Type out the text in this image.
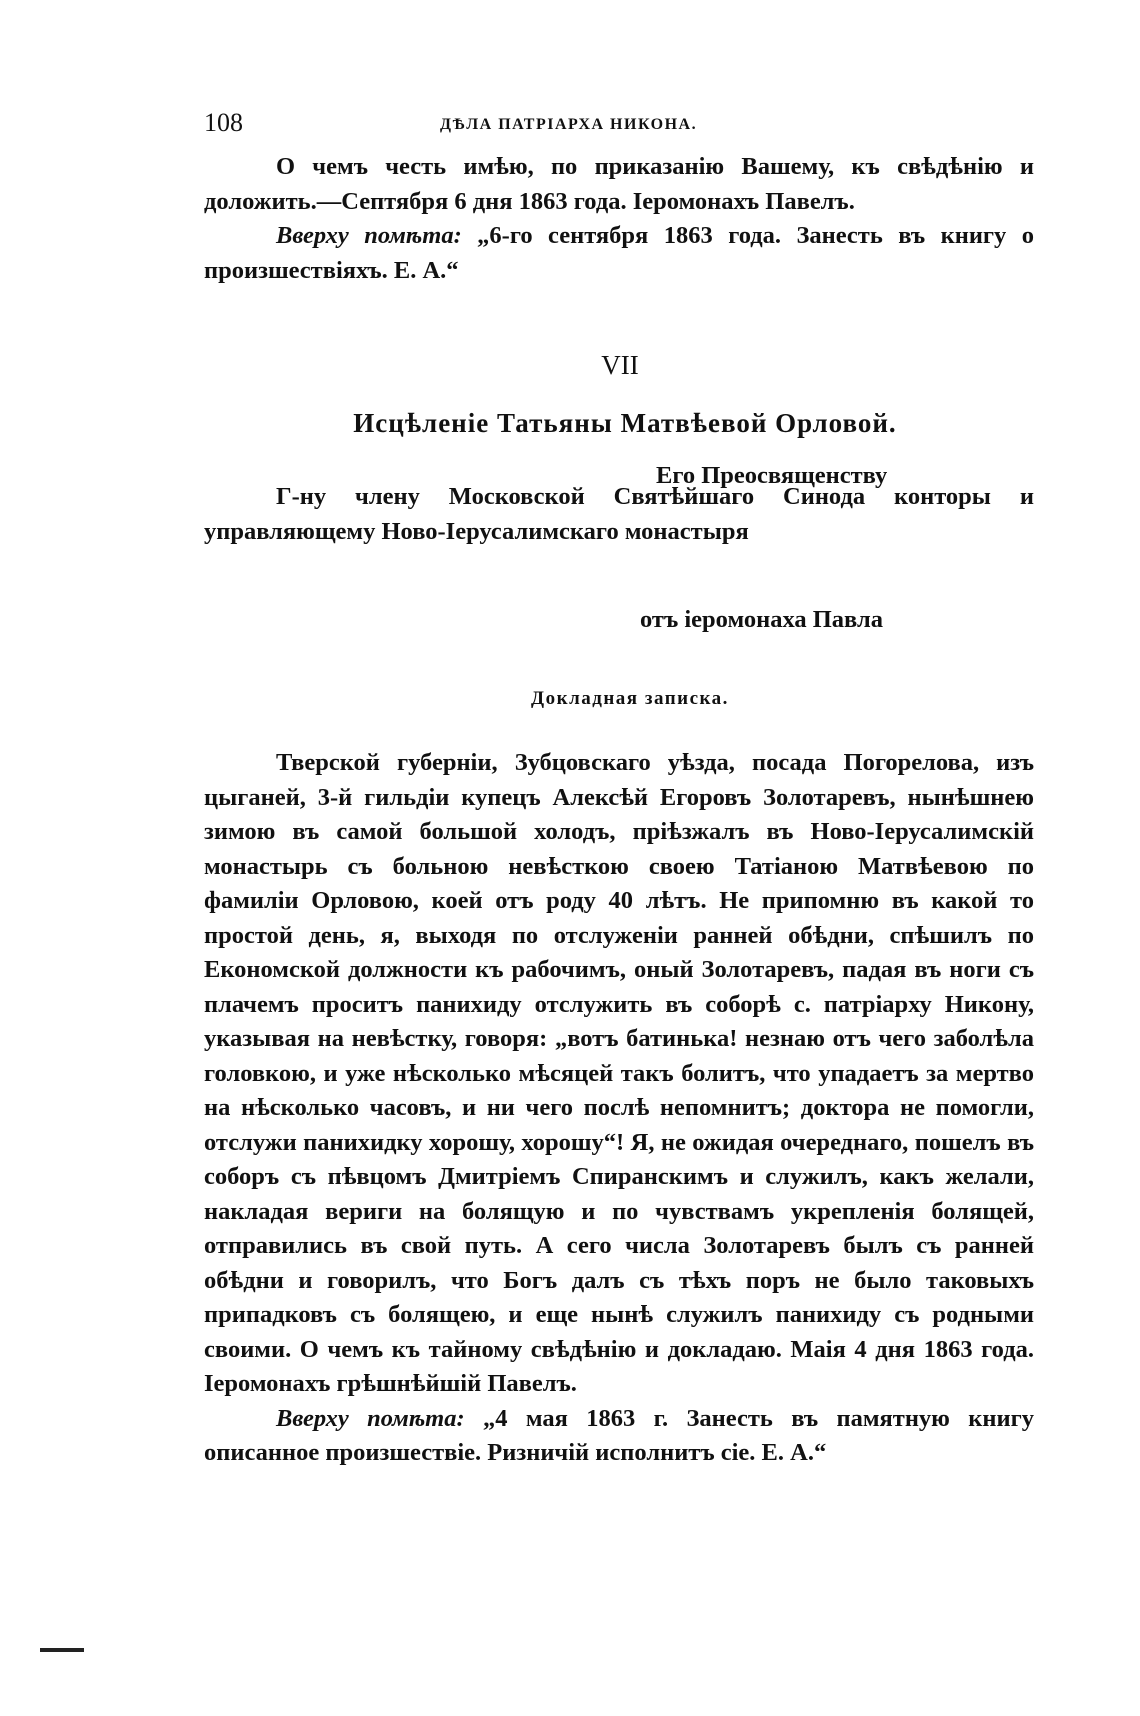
108	ДѢЛА ПАТРІАРХА НИКОНА.

О чемъ честь имѣю, по приказанію Вашему, къ свѣдѣнію и доложить.—Септября 6 дня 1863 года. Іеромонахъ Павелъ.

Вверху помѣта: „6-го сентября 1863 года. Занесть въ книгу о произшествіяхъ. Е. А.“

VII
Исцѣленіе Татьяны Матвѣевой Орловой.
Его Преосвященству

Г-ну члену Московской Святѣйшаго Синода конторы и управляющему Ново-Іерусалимскаго монастыря

отъ іеромонаха Павла
Докладная записка.

Тверской губерніи, Зубцовскаго уѣзда, посада Погорелова, изъ цыганей, 3-й гильдіи купецъ Алексѣй Егоровъ Золотаревъ, нынѣшнею зимою въ самой большой холодъ, пріѣзжалъ въ Ново-Іерусалимскій монастырь съ больною невѣсткою своею Татіаною Матвѣевою по фамиліи Орловою, коей отъ роду 40 лѣтъ. Не припомню въ какой то простой день, я, выходя по отслуженіи ранней обѣдни, спѣшилъ по Економской должности къ рабочимъ, оный Золотаревъ, падая въ ноги съ плачемъ проситъ панихиду отслужить въ соборѣ с. патріарху Никону, указывая на невѣстку, говоря: „вотъ батинька! незнаю отъ чего заболѣла головкою, и уже нѣсколько мѣсяцей такъ болитъ, что упадаетъ за мертво на нѣсколько часовъ, и ни чего послѣ непомнитъ; доктора не помогли, отслужи панихидку хорошу, хорошу“! Я, не ожидая очереднаго, пошелъ въ соборъ съ пѣвцомъ Дмитріемъ Спиранскимъ и служилъ, какъ желали, накладая вериги на болящую и по чувствамъ укрепленія болящей, отправились въ свой путь. А сего числа Золотаревъ былъ съ ранней обѣдни и говорилъ, что Богъ далъ съ тѣхъ поръ не было таковыхъ припадковъ съ болящею, и еще нынѣ служилъ панихиду съ родными своими. О чемъ къ тайному свѣдѣнію и докладаю. Маія 4 дня 1863 года. Іеромонахъ грѣшнѣйшій Павелъ.

Вверху помѣта: „4 мая 1863 г. Занесть въ памятную книгу описанное произшествіе. Ризничій исполнитъ сіе. Е. А.“
